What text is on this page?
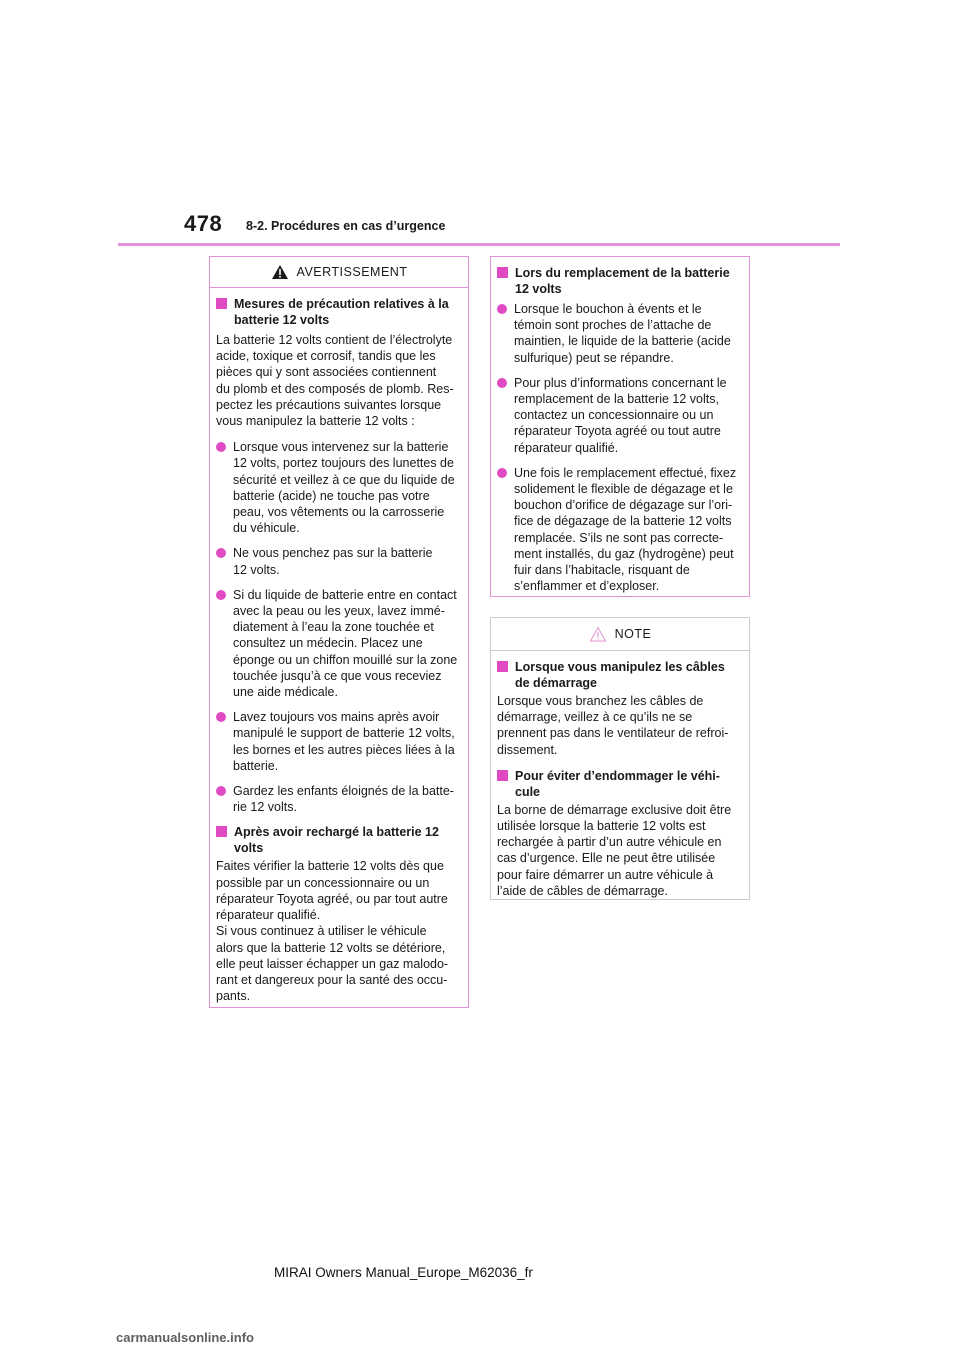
478 8-2. Procédures en cas d’urgence
AVERTISSEMENT
Mesures de précaution relatives à la batterie 12 volts
La batterie 12 volts contient de l’électrolyte
acide, toxique et corrosif, tandis que les
pièces qui y sont associées contiennent
du plomb et des composés de plomb. Res-
pectez les précautions suivantes lorsque
vous manipulez la batterie 12 volts :
Lorsque vous intervenez sur la batterie
12 volts, portez toujours des lunettes de
sécurité et veillez à ce que du liquide de
batterie (acide) ne touche pas votre
peau, vos vêtements ou la carrosserie
du véhicule.
Ne vous penchez pas sur la batterie
12 volts.
Si du liquide de batterie entre en contact
avec la peau ou les yeux, lavez immé-
diatement à l’eau la zone touchée et
consultez un médecin. Placez une
éponge ou un chiffon mouillé sur la zone
touchée jusqu’à ce que vous receviez
une aide médicale.
Lavez toujours vos mains après avoir
manipulé le support de batterie 12 volts,
les bornes et les autres pièces liées à la
batterie.
Gardez les enfants éloignés de la batte-
rie 12 volts.
Après avoir rechargé la batterie 12 volts
Faites vérifier la batterie 12 volts dès que
possible par un concessionnaire ou un
réparateur Toyota agréé, ou par tout autre
réparateur qualifié.
Si vous continuez à utiliser le véhicule
alors que la batterie 12 volts se détériore,
elle peut laisser échapper un gaz malodo-
rant et dangereux pour la santé des occu-
pants.
Lors du remplacement de la batterie 12 volts
Lorsque le bouchon à évents et le
témoin sont proches de l’attache de
maintien, le liquide de la batterie (acide
sulfurique) peut se répandre.
Pour plus d’informations concernant le
remplacement de la batterie 12 volts,
contactez un concessionnaire ou un
réparateur Toyota agréé ou tout autre
réparateur qualifié.
Une fois le remplacement effectué, fixez
solidement le flexible de dégazage et le
bouchon d’orifice de dégazage sur l’ori-
fice de dégazage de la batterie 12 volts
remplacée. S’ils ne sont pas correcte-
ment installés, du gaz (hydrogène) peut
fuir dans l’habitacle, risquant de
s’enflammer et d’exploser.
NOTE
Lorsque vous manipulez les câbles de démarrage
Lorsque vous branchez les câbles de
démarrage, veillez à ce qu’ils ne se
prennent pas dans le ventilateur de refroi-
dissement.
Pour éviter d’endommager le véhi-cule
La borne de démarrage exclusive doit être
utilisée lorsque la batterie 12 volts est
rechargée à partir d’un autre véhicule en
cas d’urgence. Elle ne peut être utilisée
pour faire démarrer un autre véhicule à
l’aide de câbles de démarrage.
MIRAI Owners Manual_Europe_M62036_fr
carmanualsonline.info
